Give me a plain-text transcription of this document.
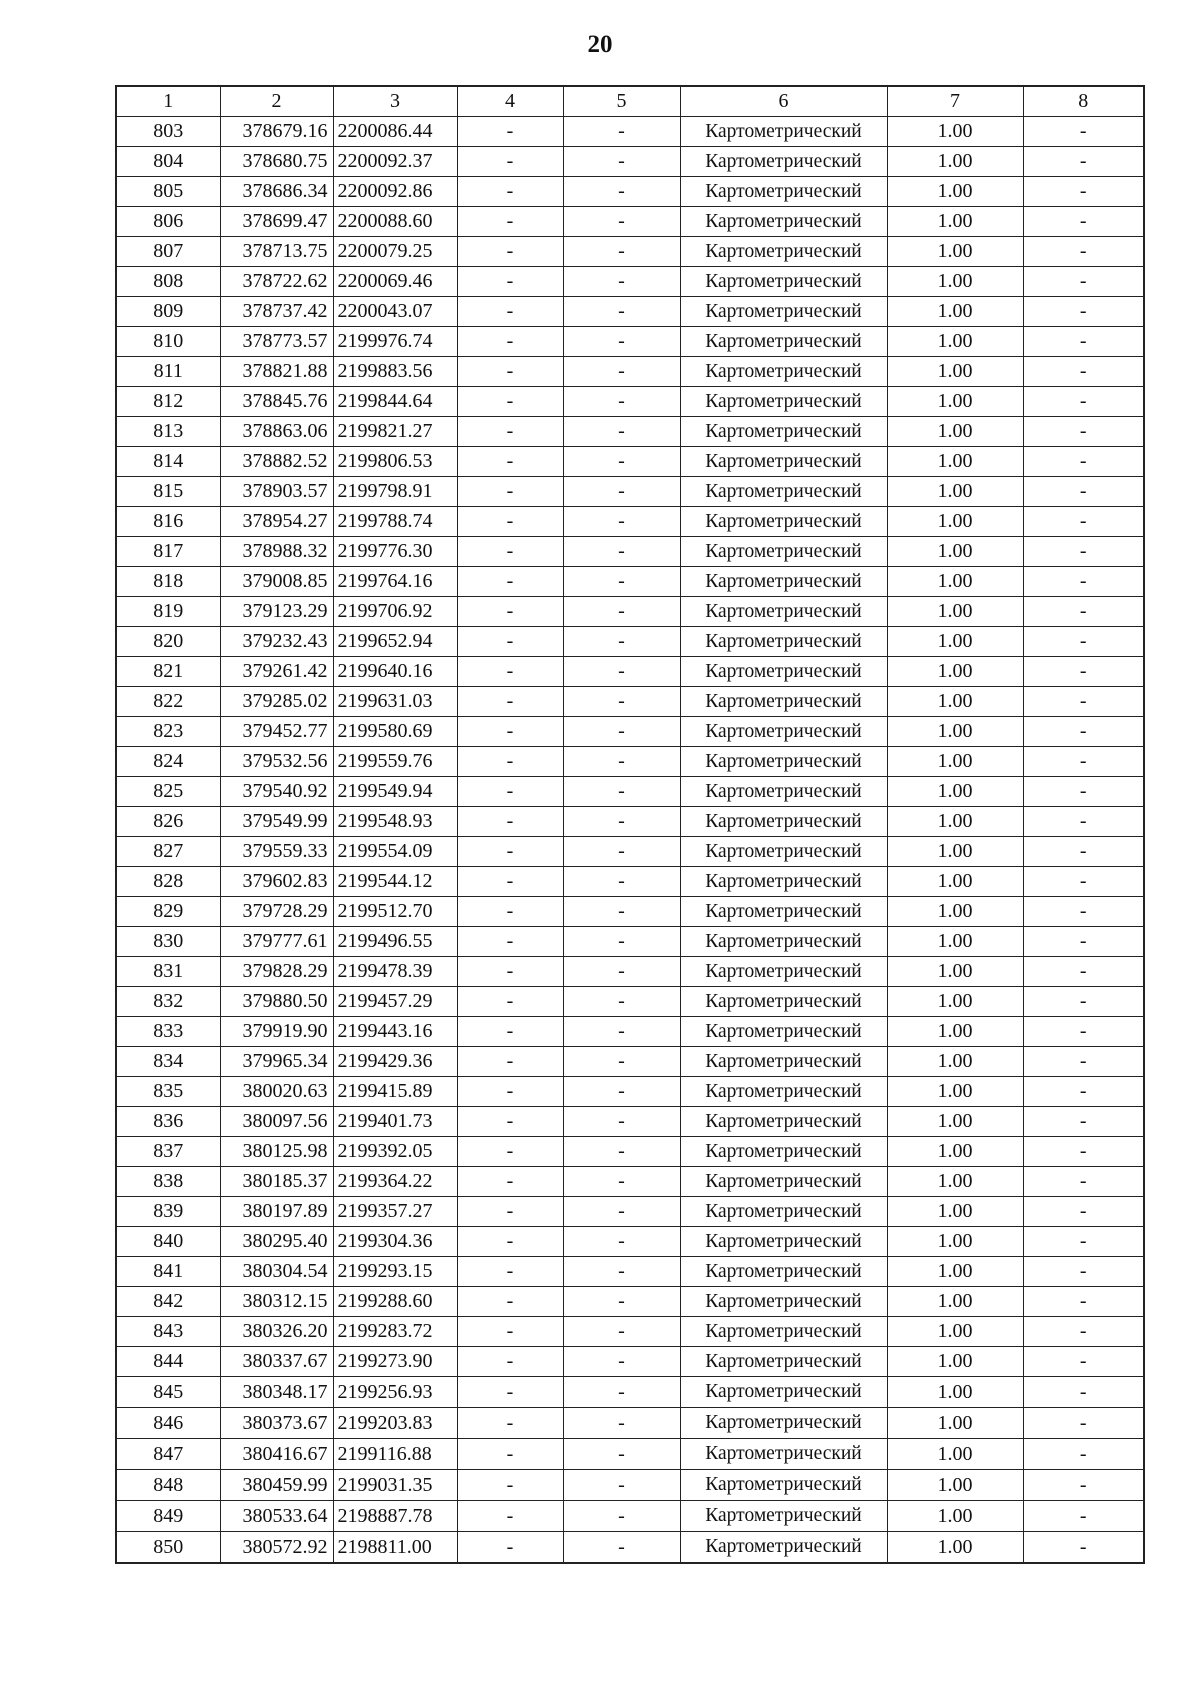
20
1	2	3	4	5	6	7	8
803	378679.16	2200086.44	-	-	Картометрический	1.00	-
804	378680.75	2200092.37	-	-	Картометрический	1.00	-
805	378686.34	2200092.86	-	-	Картометрический	1.00	-
806	378699.47	2200088.60	-	-	Картометрический	1.00	-
807	378713.75	2200079.25	-	-	Картометрический	1.00	-
808	378722.62	2200069.46	-	-	Картометрический	1.00	-
809	378737.42	2200043.07	-	-	Картометрический	1.00	-
810	378773.57	2199976.74	-	-	Картометрический	1.00	-
811	378821.88	2199883.56	-	-	Картометрический	1.00	-
812	378845.76	2199844.64	-	-	Картометрический	1.00	-
813	378863.06	2199821.27	-	-	Картометрический	1.00	-
814	378882.52	2199806.53	-	-	Картометрический	1.00	-
815	378903.57	2199798.91	-	-	Картометрический	1.00	-
816	378954.27	2199788.74	-	-	Картометрический	1.00	-
817	378988.32	2199776.30	-	-	Картометрический	1.00	-
818	379008.85	2199764.16	-	-	Картометрический	1.00	-
819	379123.29	2199706.92	-	-	Картометрический	1.00	-
820	379232.43	2199652.94	-	-	Картометрический	1.00	-
821	379261.42	2199640.16	-	-	Картометрический	1.00	-
822	379285.02	2199631.03	-	-	Картометрический	1.00	-
823	379452.77	2199580.69	-	-	Картометрический	1.00	-
824	379532.56	2199559.76	-	-	Картометрический	1.00	-
825	379540.92	2199549.94	-	-	Картометрический	1.00	-
826	379549.99	2199548.93	-	-	Картометрический	1.00	-
827	379559.33	2199554.09	-	-	Картометрический	1.00	-
828	379602.83	2199544.12	-	-	Картометрический	1.00	-
829	379728.29	2199512.70	-	-	Картометрический	1.00	-
830	379777.61	2199496.55	-	-	Картометрический	1.00	-
831	379828.29	2199478.39	-	-	Картометрический	1.00	-
832	379880.50	2199457.29	-	-	Картометрический	1.00	-
833	379919.90	2199443.16	-	-	Картометрический	1.00	-
834	379965.34	2199429.36	-	-	Картометрический	1.00	-
835	380020.63	2199415.89	-	-	Картометрический	1.00	-
836	380097.56	2199401.73	-	-	Картометрический	1.00	-
837	380125.98	2199392.05	-	-	Картометрический	1.00	-
838	380185.37	2199364.22	-	-	Картометрический	1.00	-
839	380197.89	2199357.27	-	-	Картометрический	1.00	-
840	380295.40	2199304.36	-	-	Картометрический	1.00	-
841	380304.54	2199293.15	-	-	Картометрический	1.00	-
842	380312.15	2199288.60	-	-	Картометрический	1.00	-
843	380326.20	2199283.72	-	-	Картометрический	1.00	-
844	380337.67	2199273.90	-	-	Картометрический	1.00	-
845	380348.17	2199256.93	-	-	Картометрический	1.00	-
846	380373.67	2199203.83	-	-	Картометрический	1.00	-
847	380416.67	2199116.88	-	-	Картометрический	1.00	-
848	380459.99	2199031.35	-	-	Картометрический	1.00	-
849	380533.64	2198887.78	-	-	Картометрический	1.00	-
850	380572.92	2198811.00	-	-	Картометрический	1.00	-
